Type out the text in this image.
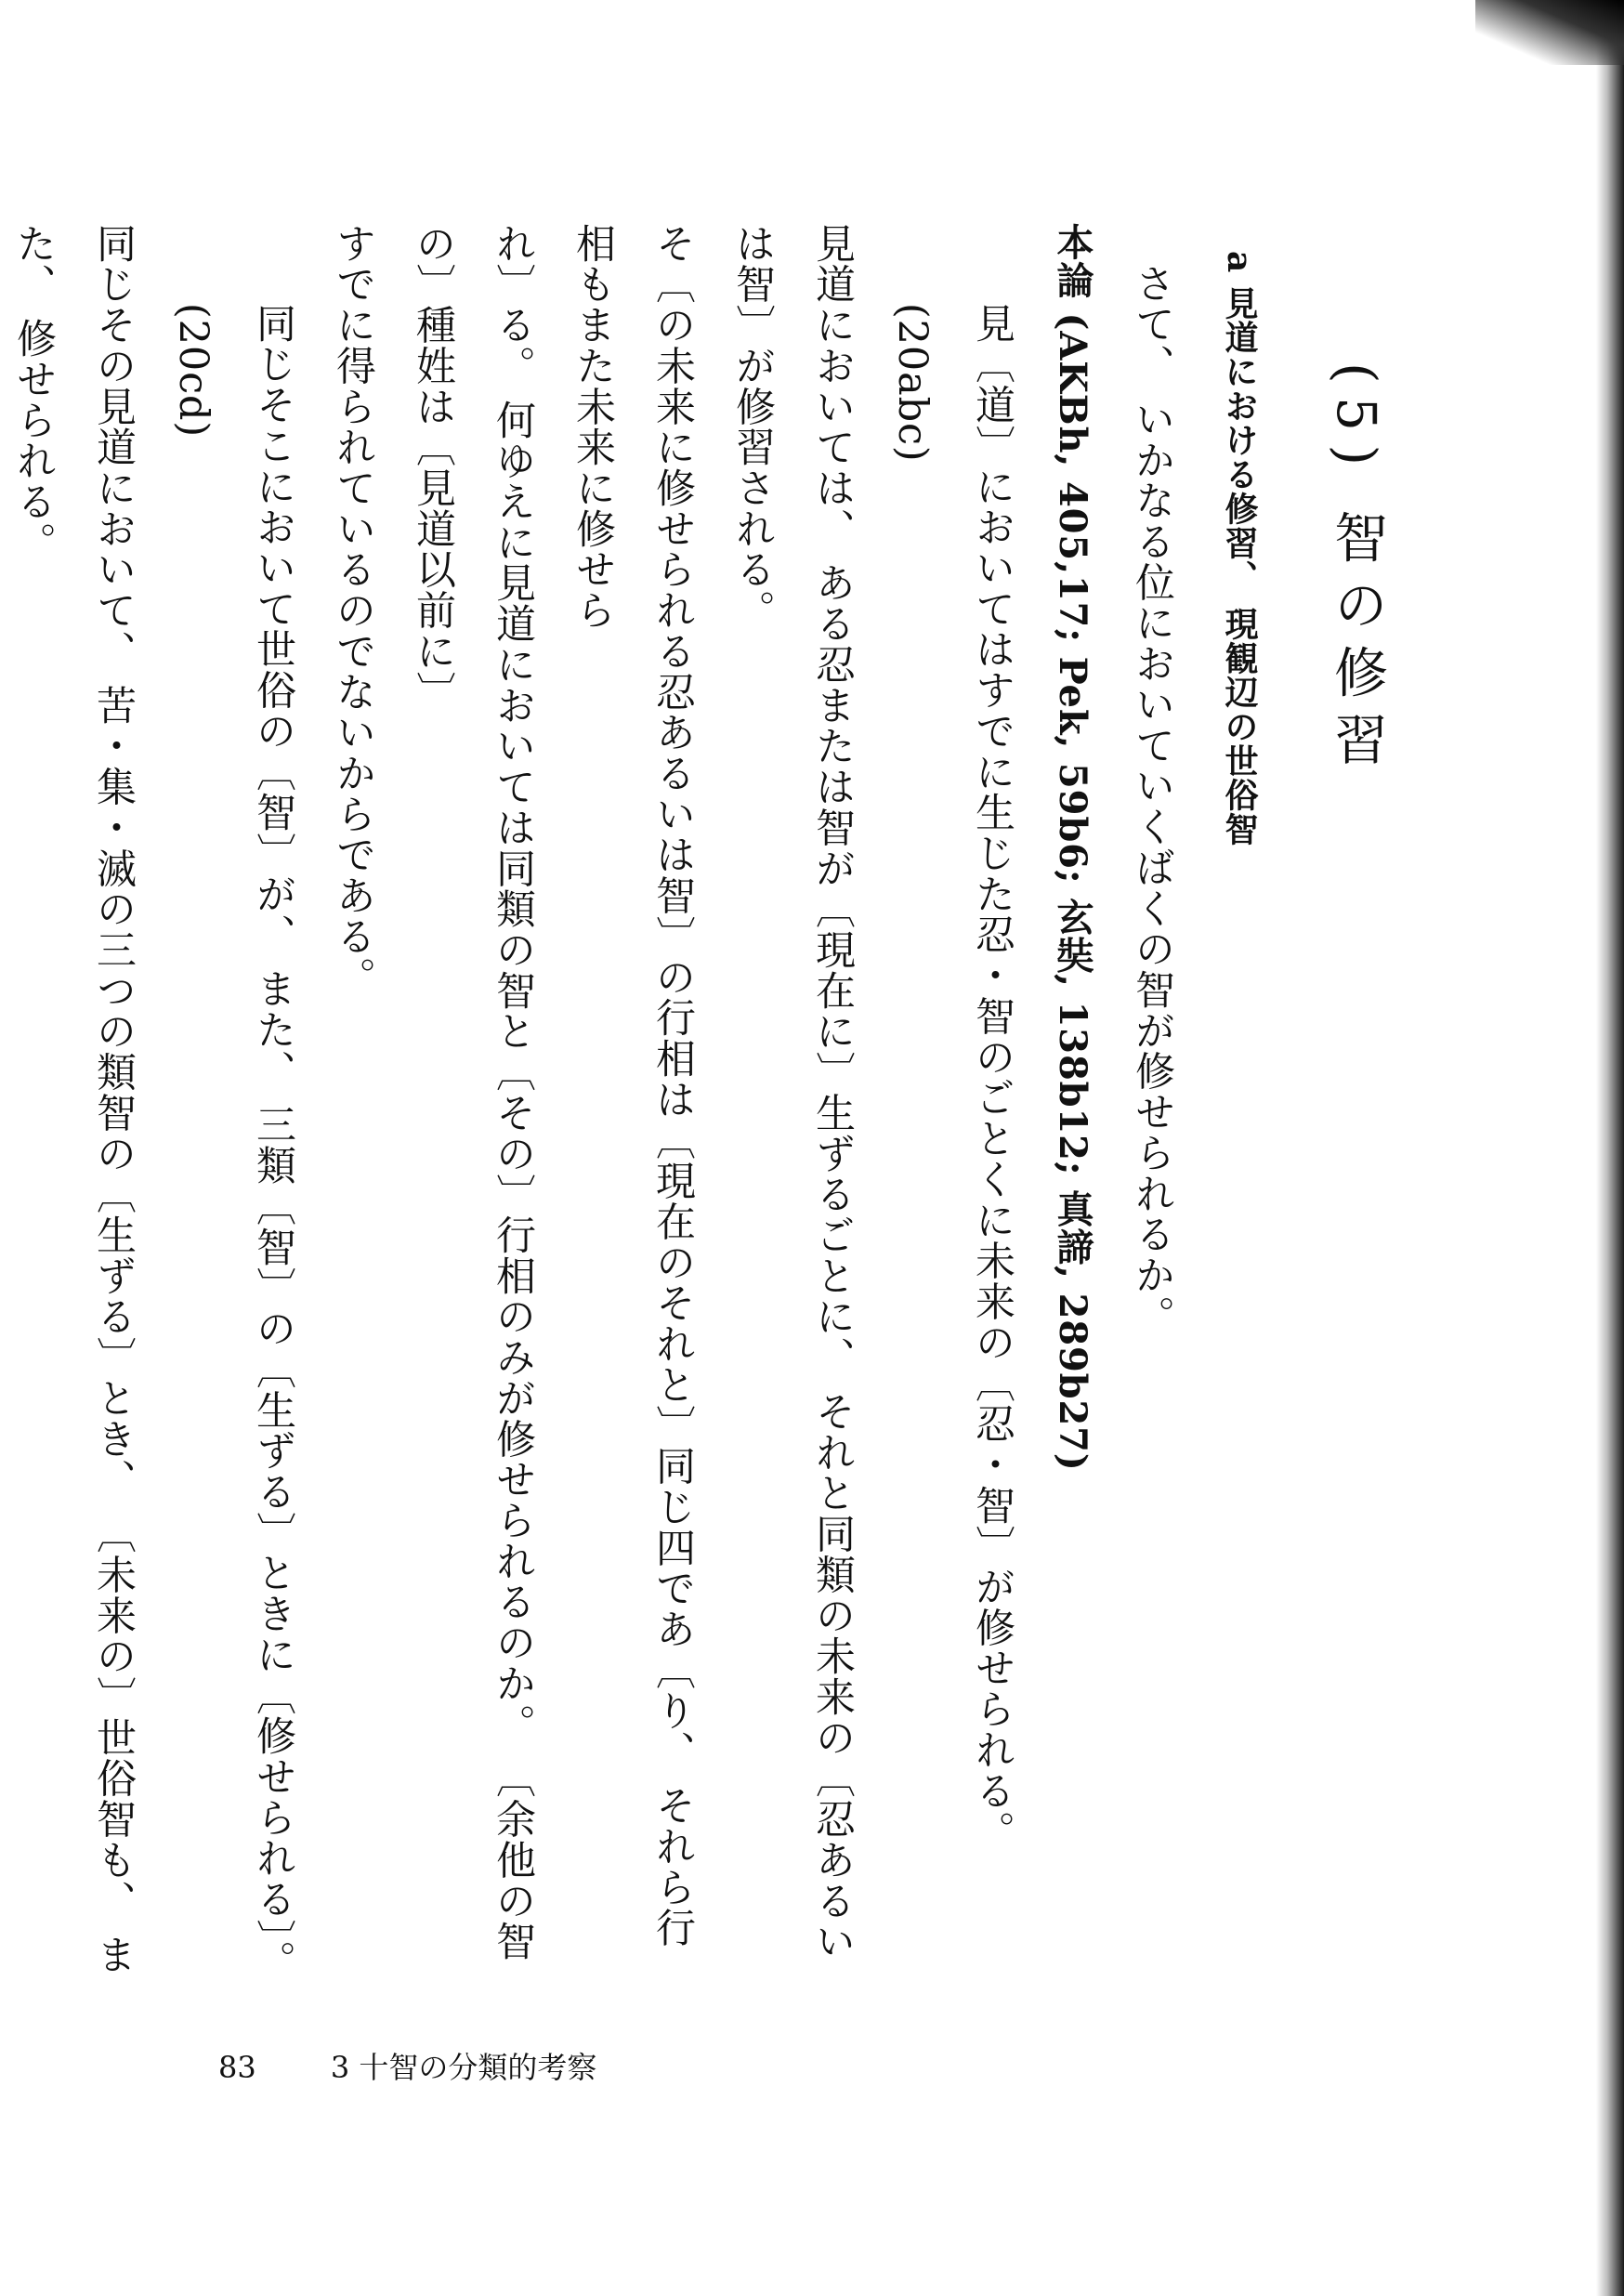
(5) 智の修習
a 見道における修習、 現観辺の世俗智
さて、 いかなる位においていくばくの智が修せられるか。
本論 (AKBh, 405,17; Pek, 59b6; 玄奘, 138b12; 真諦, 289b27)
見〔道〕においてはすでに生じた忍・智のごとくに未来の〔忍・智〕が修せられる。 (20abc)
見道においては、 ある忍または智が〔現在に〕生ずるごとに、 それと同類の未来の〔忍あるいは智〕が修習される。
そ〔の未来に修せられる忍あるいは智〕の行相は〔現在のそれと〕同じ四であ〔り、 それら行相もまた未来に修せら
れ〕る。 何ゆえに見道においては同類の智と〔その〕行相のみが修せられるのか。 〔余他の智の〕種姓は〔見道以前に〕
すでに得られているのでないからである。
同じそこにおいて世俗の〔智〕が、 また、 三類〔智〕の〔生ずる〕ときに〔修せられる〕。 (20cd)
同じその見道において、 苦・集・滅の三つの類智の〔生ずる〕とき、 〔未来の〕世俗智も、 また、 修せられる。
83	3 十智の分類的考察
